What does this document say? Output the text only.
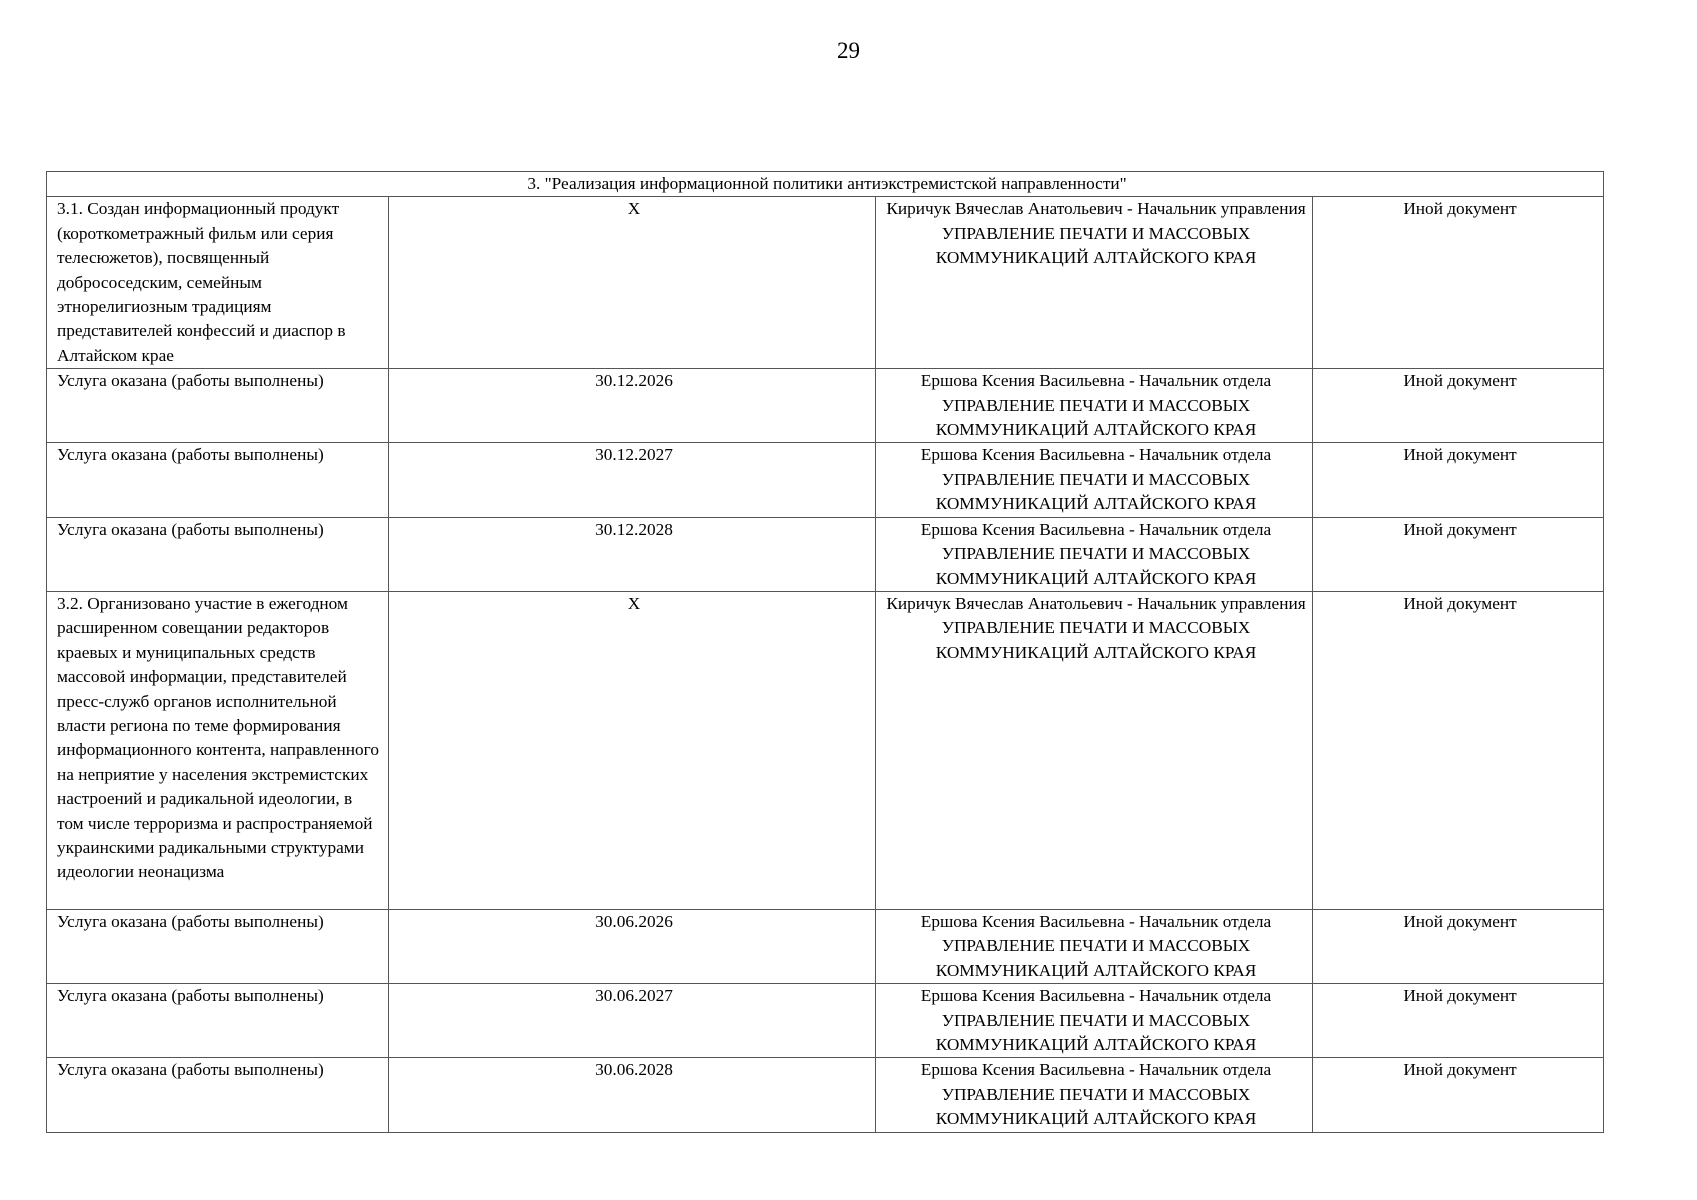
29
3. "Реализация информационной политики антиэкстремистской направленности"			
3.1. Создан информационный продукт (короткометражный фильм или серия телесюжетов), посвященный добрососедским, семейным этнорелигиозным традициям представителей конфессий и диаспор в Алтайском крае	X	Киричук Вячеслав Анатольевич - Начальник управления
УПРАВЛЕНИЕ ПЕЧАТИ И МАССОВЫХ КОММУНИКАЦИЙ АЛТАЙСКОГО КРАЯ	Иной документ
Услуга оказана (работы выполнены)	30.12.2026	Ершова Ксения Васильевна - Начальник отдела
УПРАВЛЕНИЕ ПЕЧАТИ И МАССОВЫХ КОММУНИКАЦИЙ АЛТАЙСКОГО КРАЯ	Иной документ
Услуга оказана (работы выполнены)	30.12.2027	Ершова Ксения Васильевна - Начальник отдела
УПРАВЛЕНИЕ ПЕЧАТИ И МАССОВЫХ КОММУНИКАЦИЙ АЛТАЙСКОГО КРАЯ	Иной документ
Услуга оказана (работы выполнены)	30.12.2028	Ершова Ксения Васильевна - Начальник отдела
УПРАВЛЕНИЕ ПЕЧАТИ И МАССОВЫХ КОММУНИКАЦИЙ АЛТАЙСКОГО КРАЯ	Иной документ
3.2. Организовано участие в ежегодном расширенном совещании редакторов краевых и муниципальных средств массовой информации, представителей пресс-служб органов исполнительной власти региона по теме формирования информационного контента, направленного на неприятие у населения экстремистских настроений и радикальной идеологии, в том числе терроризма и распространяемой украинскими радикальными структурами идеологии неонацизма	X	Киричук Вячеслав Анатольевич - Начальник управления
УПРАВЛЕНИЕ ПЕЧАТИ И МАССОВЫХ КОММУНИКАЦИЙ АЛТАЙСКОГО КРАЯ	Иной документ
Услуга оказана (работы выполнены)	30.06.2026	Ершова Ксения Васильевна - Начальник отдела
УПРАВЛЕНИЕ ПЕЧАТИ И МАССОВЫХ КОММУНИКАЦИЙ АЛТАЙСКОГО КРАЯ	Иной документ
Услуга оказана (работы выполнены)	30.06.2027	Ершова Ксения Васильевна - Начальник отдела
УПРАВЛЕНИЕ ПЕЧАТИ И МАССОВЫХ КОММУНИКАЦИЙ АЛТАЙСКОГО КРАЯ	Иной документ
Услуга оказана (работы выполнены)	30.06.2028	Ершова Ксения Васильевна - Начальник отдела
УПРАВЛЕНИЕ ПЕЧАТИ И МАССОВЫХ КОММУНИКАЦИЙ АЛТАЙСКОГО КРАЯ	Иной документ
